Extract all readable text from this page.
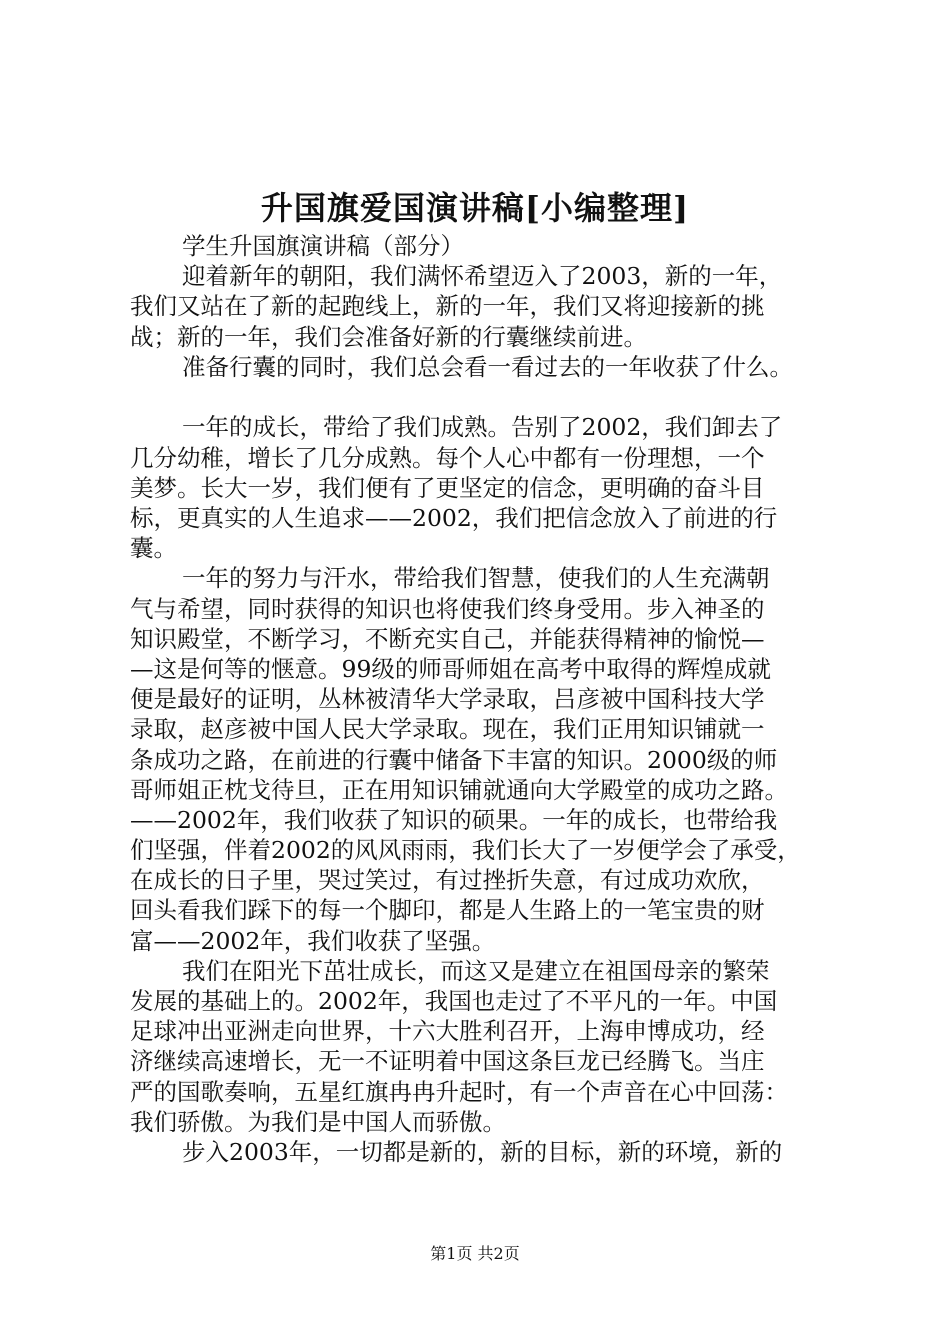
升国旗爱国演讲稿[小编整理]
学生升国旗演讲稿（部分）
迎着新年的朝阳，我们满怀希望迈入了2003，新的一年，
我们又站在了新的起跑线上，新的一年，我们又将迎接新的挑
战；新的一年，我们会准备好新的行囊继续前进。
准备行囊的同时，我们总会看一看过去的一年收获了什么。
一年的成长，带给了我们成熟。告别了2002，我们卸去了
几分幼稚，增长了几分成熟。每个人心中都有一份理想，一个
美梦。长大一岁，我们便有了更坚定的信念，更明确的奋斗目
标，更真实的人生追求——2002，我们把信念放入了前进的行
囊。
一年的努力与汗水，带给我们智慧，使我们的人生充满朝
气与希望，同时获得的知识也将使我们终身受用。步入神圣的
知识殿堂，不断学习，不断充实自己，并能获得精神的愉悦—
—这是何等的惬意。99级的师哥师姐在高考中取得的辉煌成就
便是最好的证明，丛林被清华大学录取，吕彦被中国科技大学
录取，赵彦被中国人民大学录取。现在，我们正用知识铺就一
条成功之路，在前进的行囊中储备下丰富的知识。2000级的师
哥师姐正枕戈待旦，正在用知识铺就通向大学殿堂的成功之路。
——2002年，我们收获了知识的硕果。一年的成长，也带给我
们坚强，伴着2002的风风雨雨，我们长大了一岁便学会了承受，
在成长的日子里，哭过笑过，有过挫折失意，有过成功欢欣，
回头看我们踩下的每一个脚印，都是人生路上的一笔宝贵的财
富——2002年，我们收获了坚强。
我们在阳光下茁壮成长，而这又是建立在祖国母亲的繁荣
发展的基础上的。2002年，我国也走过了不平凡的一年。中国
足球冲出亚洲走向世界，十六大胜利召开，上海申博成功，经
济继续高速增长，无一不证明着中国这条巨龙已经腾飞。当庄
严的国歌奏响，五星红旗冉冉升起时，有一个声音在心中回荡：
我们骄傲。为我们是中国人而骄傲。
步入2003年，一切都是新的，新的目标，新的环境，新的
第1页 共2页
